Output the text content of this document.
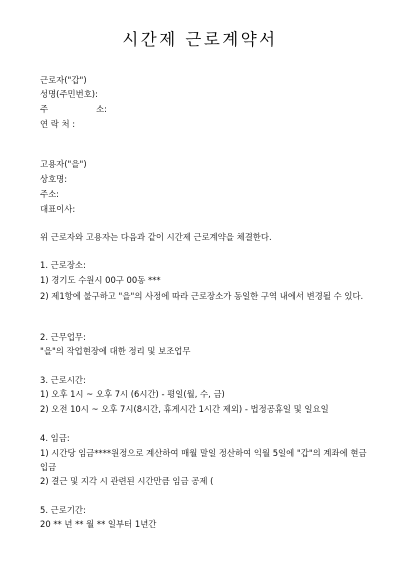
시간제 근로계약서
근로자("갑")
성명(주민번호):
주	소:
연 락 처 :
고용자("을")
상호명:
주소:
대표이사:
위 근로자와 고용자는 다음과 같이 시간제 근로계약을 체결한다.
1. 근로장소:
1) 경기도 수원시 00구 00동 ***
2) 제1항에 불구하고 "을"의 사정에 따라 근로장소가 동일한 구역 내에서 변경될 수 있다.
2. 근무업무:
"을"의 작업현장에 대한 정리 및 보조업무
3. 근로시간:
1) 오후 1시 ~ 오후 7시 (6시간) - 평일(월, 수, 금)
2) 오전 10시 ~ 오후 7시(8시간, 휴게시간 1시간 제외) - 법정공휴일 및 일요일
4. 임금:
1) 시간당 임금****원정으로 계산하여 매월 말일 정산하여 익월 5일에 "갑"의 계좌에 현금입금
2) 결근 및 지각 시 관련된 시간만큼 임금 공제 (
5. 근로기간:
20 ** 년 ** 월 ** 일부터 1년간
